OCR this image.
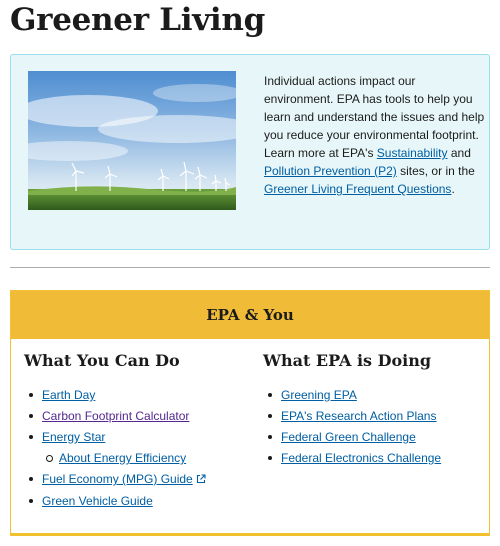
Greener Living

Individual actions impact our environment. EPA has tools to help you learn and understand the issues and help you reduce your environmental footprint. Learn more at EPA's Sustainability and Pollution Prevention (P2) sites, or in the Greener Living Frequent Questions.

EPA & You
What You Can Do
Earth Day
Carbon Footprint Calculator
Energy Star
About Energy Efficiency
Fuel Economy (MPG) Guide
Green Vehicle Guide
What EPA is Doing
Greening EPA
EPA's Research Action Plans
Federal Green Challenge
Federal Electronics Challenge
